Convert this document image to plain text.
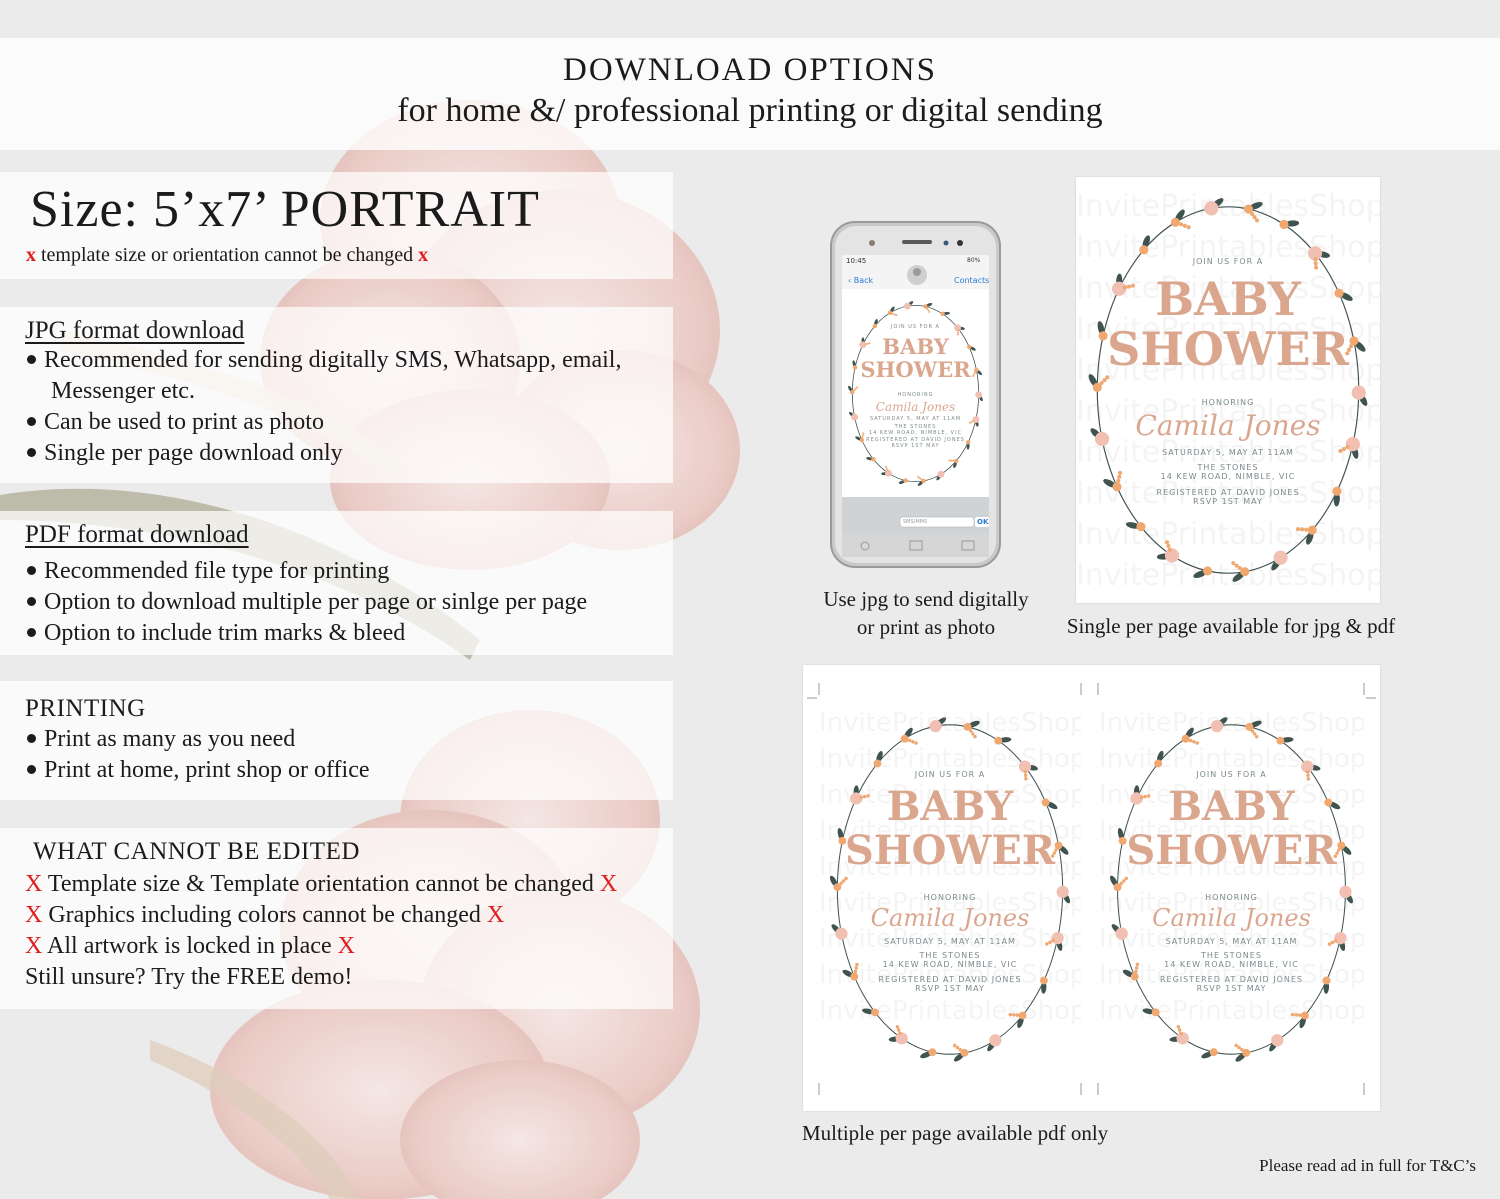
DOWNLOAD OPTIONS
for home &/ professional printing or digital sending
Size: 5’x7’ PORTRAIT
x template size or orientation cannot be changed x
JPG format download
Recommended for sending digitally SMS, Whatsapp, email,
Messenger etc.
Can be used to print as photo
Single per page download only
PDF format download
Recommended file type for printing
Option to download multiple per page or sinlge per page
Option to include trim marks & bleed
PRINTING
Print as many as you need
Print at home, print shop or office
WHAT CANNOT BE EDITED
X Template size & Template orientation cannot be changed X
X Graphics including colors cannot be changed X
X All artwork is locked in place X
Still unsure? Try the FREE demo!
10:45	80%
‹ Back	Contacts
SMS/MMS	OK
JOIN US FOR A
BABY
SHOWER
HONORING
Camila Jones
SATURDAY 5, MAY AT 11AM
THE STONES
14 KEW ROAD, NIMBLE, VIC
REGISTERED AT DAVID JONES
RSVP 1ST MAY
Use jpg to send digitally
or print as photo
JOIN US FOR A
BABY
SHOWER
HONORING
Camila Jones
SATURDAY 5, MAY AT 11AM
THE STONES
14 KEW ROAD, NIMBLE, VIC
REGISTERED AT DAVID JONES
RSVP 1ST MAY
Single per page available for jpg & pdf
JOIN US FOR A
BABY
SHOWER
HONORING
Camila Jones
SATURDAY 5, MAY AT 11AM
THE STONES
14 KEW ROAD, NIMBLE, VIC
REGISTERED AT DAVID JONES
RSVP 1ST MAY
JOIN US FOR A
BABY
SHOWER
HONORING
Camila Jones
SATURDAY 5, MAY AT 11AM
THE STONES
14 KEW ROAD, NIMBLE, VIC
REGISTERED AT DAVID JONES
RSVP 1ST MAY
Multiple per page available pdf only
Please read ad in full for T&C’s
